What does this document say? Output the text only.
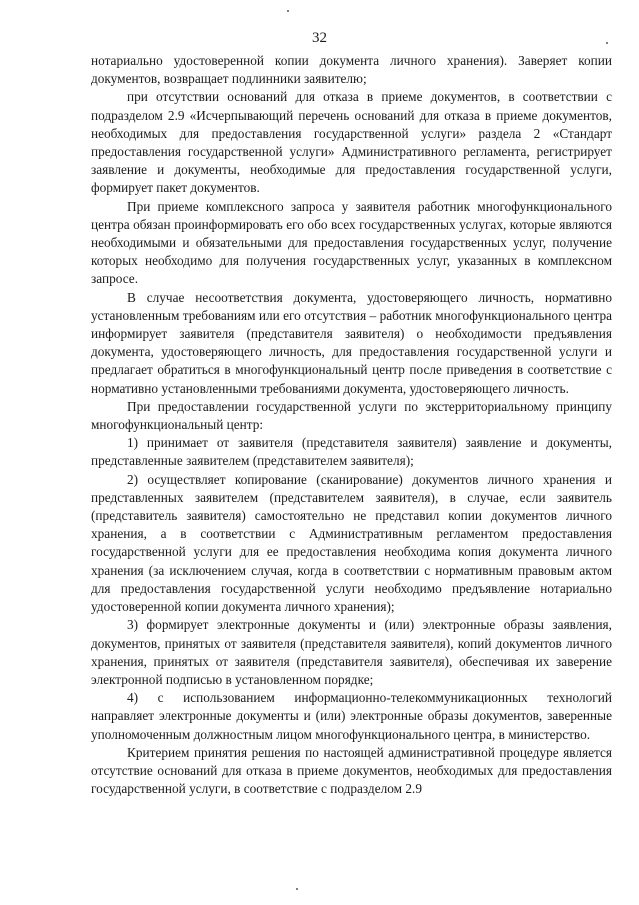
32

нотариально удостоверенной копии документа личного хранения). Заверяет копии документов, возвращает подлинники заявителю;

при отсутствии оснований для отказа в приеме документов, в соответствии с подразделом 2.9 «Исчерпывающий перечень оснований для отказа в приеме документов, необходимых для предоставления государственной услуги» раздела 2 «Стандарт предоставления государственной услуги» Административного регламента, регистрирует заявление и документы, необходимые для предоставления государственной услуги, формирует пакет документов.

При приеме комплексного запроса у заявителя работник многофункционального центра обязан проинформировать его обо всех государственных услугах, которые являются необходимыми и обязательными для предоставления государственных услуг, получение которых необходимо для получения государственных услуг, указанных в комплексном запросе.

В случае несоответствия документа, удостоверяющего личность, нормативно установленным требованиям или его отсутствия – работник многофункционального центра информирует заявителя (представителя заявителя) о необходимости предъявления документа, удостоверяющего личность, для предоставления государственной услуги и предлагает обратиться в многофункциональный центр после приведения в соответствие с нормативно установленными требованиями документа, удостоверяющего личность.

При предоставлении государственной услуги по экстерриториальному принципу многофункциональный центр:

1) принимает от заявителя (представителя заявителя) заявление и документы, представленные заявителем (представителем заявителя);

2) осуществляет копирование (сканирование) документов личного хранения и представленных заявителем (представителем заявителя), в случае, если заявитель (представитель заявителя) самостоятельно не представил копии документов личного хранения, а в соответствии с Административным регламентом предоставления государственной услуги для ее предоставления необходима копия документа личного хранения (за исключением случая, когда в соответствии с нормативным правовым актом для предоставления государственной услуги необходимо предъявление нотариально удостоверенной копии документа личного хранения);

3) формирует электронные документы и (или) электронные образы заявления, документов, принятых от заявителя (представителя заявителя), копий документов личного хранения, принятых от заявителя (представителя заявителя), обеспечивая их заверение электронной подписью в установленном порядке;

4) с использованием информационно-телекоммуникационных технологий направляет электронные документы и (или) электронные образы документов, заверенные уполномоченным должностным лицом многофункционального центра, в министерство.

Критерием принятия решения по настоящей административной процедуре является отсутствие оснований для отказа в приеме документов, необходимых для предоставления государственной услуги, в соответствие с подразделом 2.9
